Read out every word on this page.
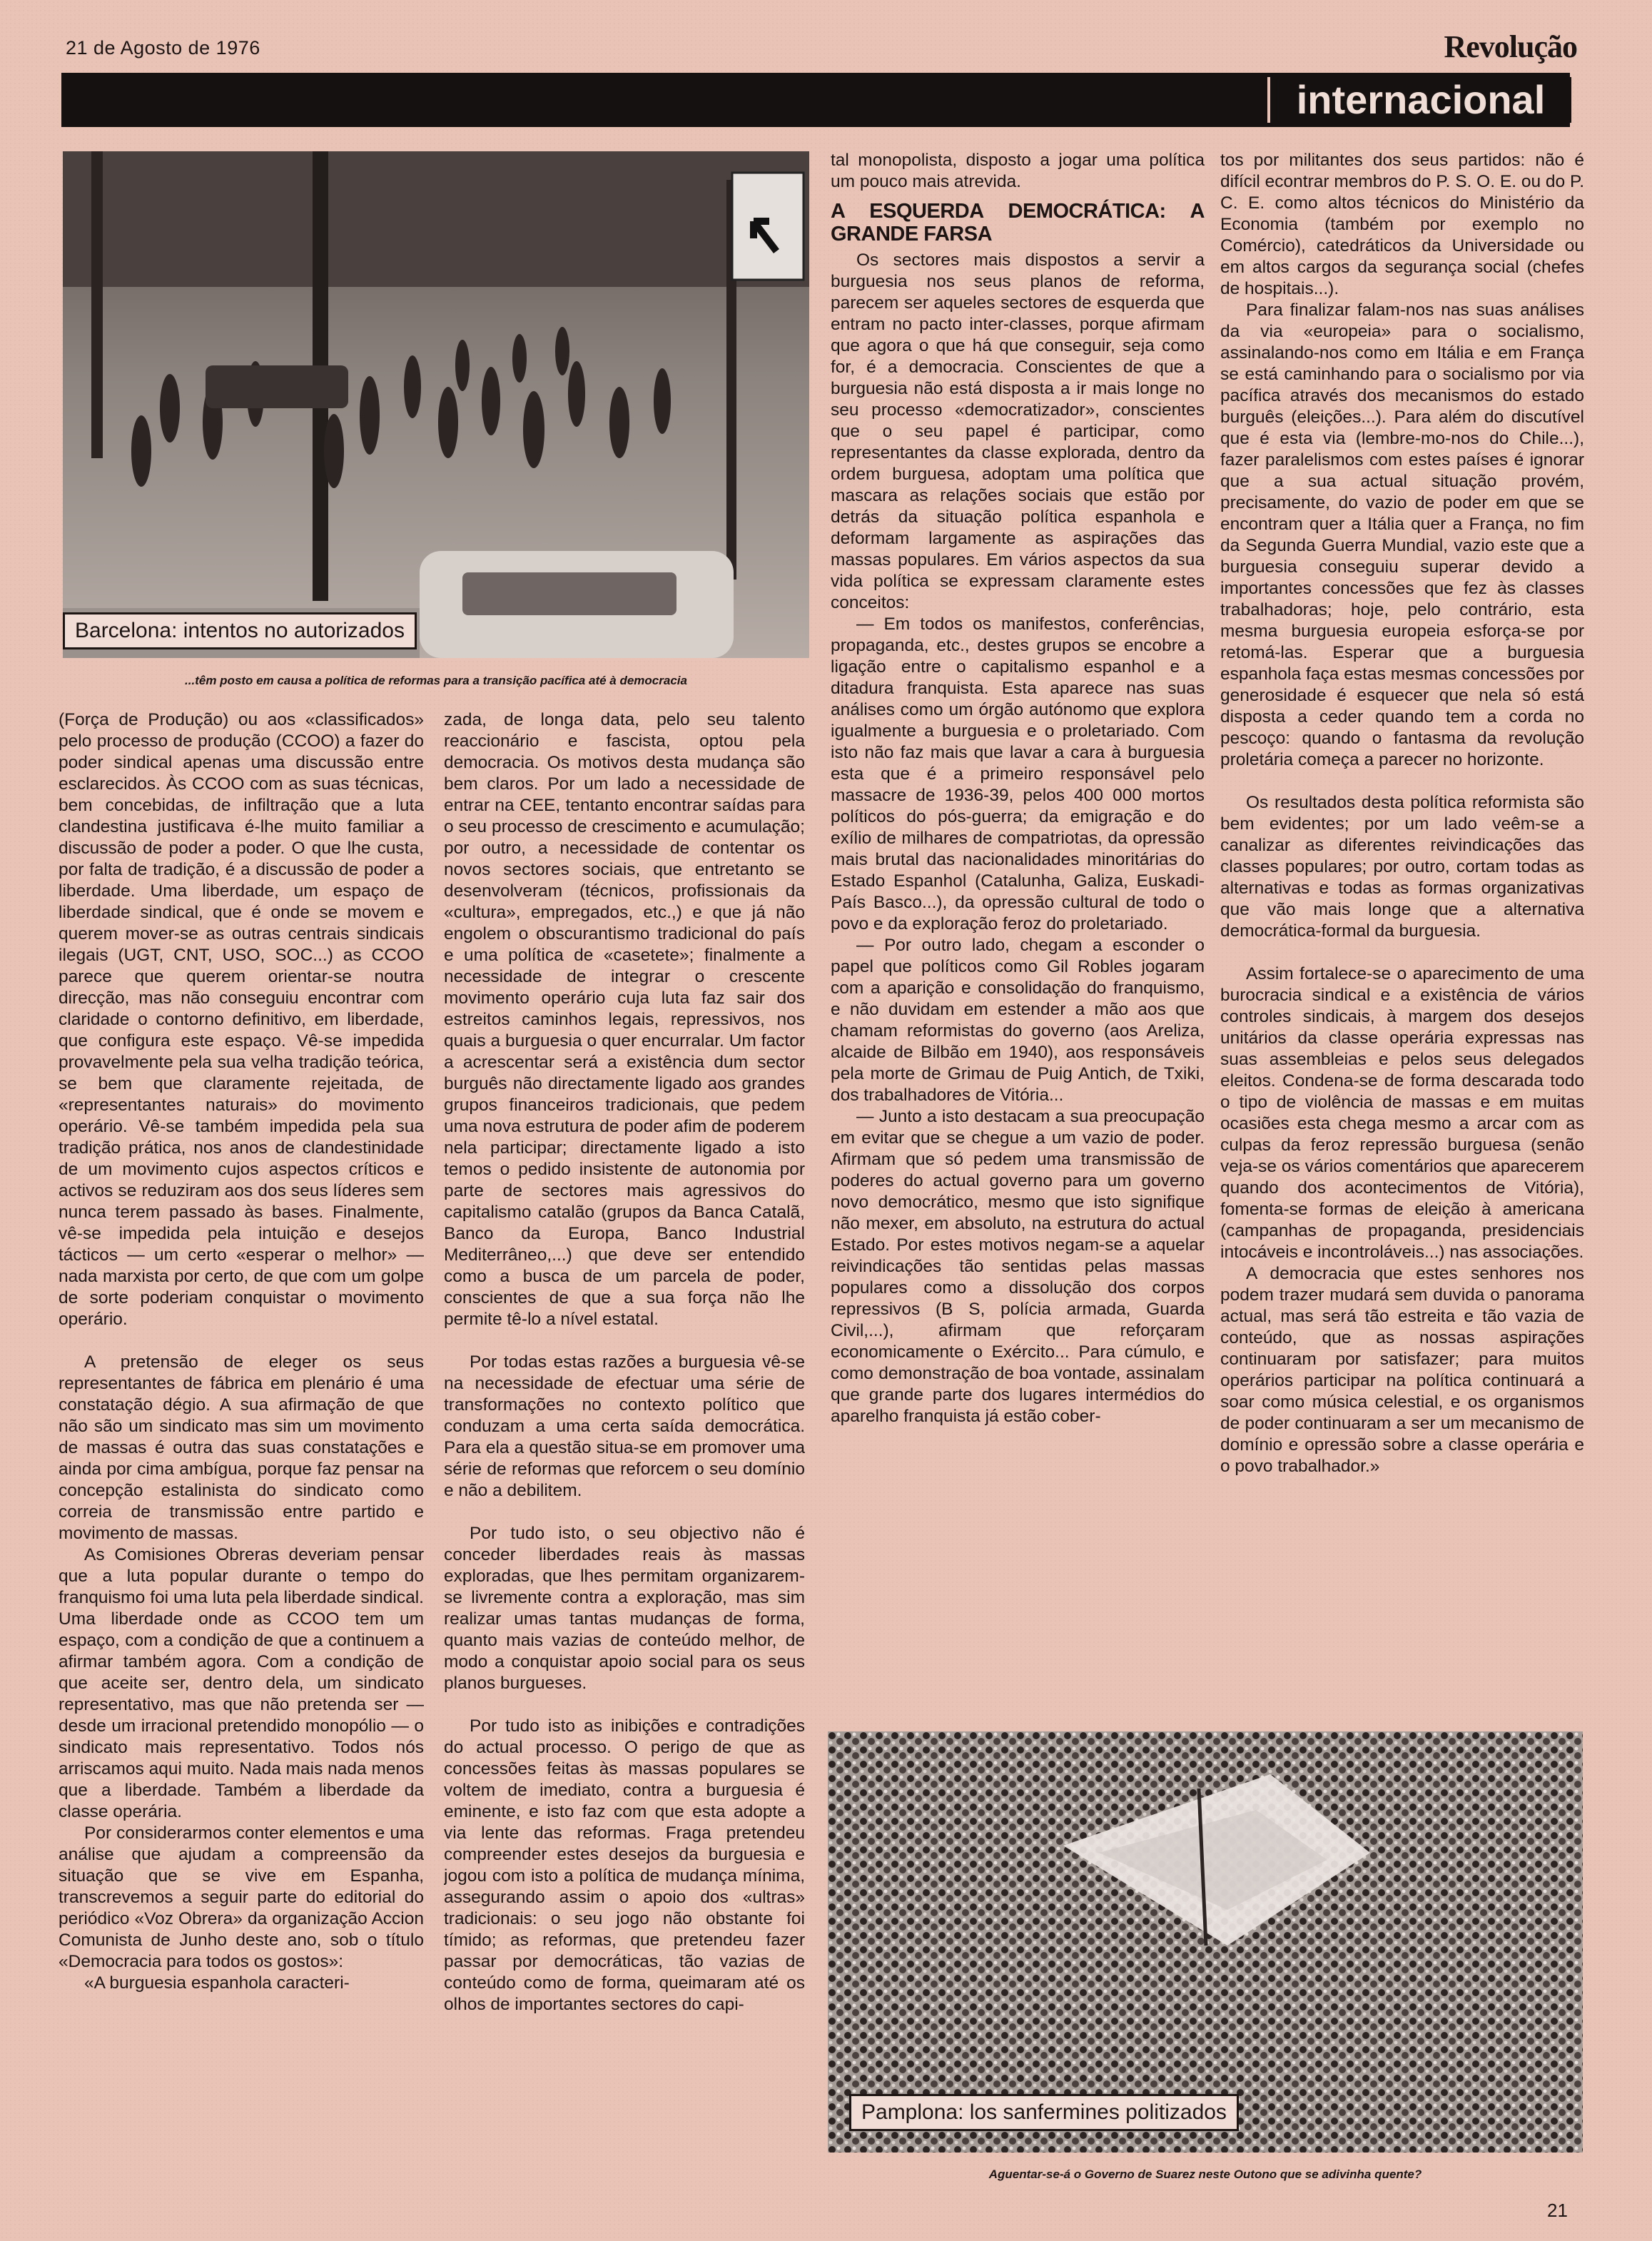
21 de Agosto de 1976	Revolução
internacional
Barcelona: intentos no autorizados
...têm posto em causa a política de reformas para a transição pacífica até à democracia
Pamplona: los sanfermines politizados
Aguentar-se-á o Governo de Suarez neste Outono que se adivinha quente?

(Força de Produção) ou aos «classificados» pelo processo de produção (CCOO) a fazer do poder sindical apenas uma discussão entre esclarecidos. Às CCOO com as suas técnicas, bem concebidas, de infiltração que a luta clandestina justificava é-lhe muito familiar a discussão de poder a poder. O que lhe custa, por falta de tradição, é a discussão de poder a liberdade. Uma liberdade, um espaço de liberdade sindical, que é onde se movem e querem mover-se as outras centrais sindicais ilegais (UGT, CNT, USO, SOC...) as CCOO parece que querem orientar-se noutra direcção, mas não conseguiu encontrar com claridade o contorno definitivo, em liberdade, que configura este espaço. Vê-se impedida provavelmente pela sua velha tradição teórica, se bem que claramente rejeitada, de «representantes naturais» do movimento operário. Vê-se também impedida pela sua tradição prática, nos anos de clandestinidade de um movimento cujos aspectos críticos e activos se reduziram aos dos seus líderes sem nunca terem passado às bases. Finalmente, vê-se impedida pela intuição e desejos tácticos — um certo «esperar o melhor» — nada marxista por certo, de que com um golpe de sorte poderiam conquistar o movimento operário.

A pretensão de eleger os seus representantes de fábrica em plenário é uma constatação dégio. A sua afirmação de que não são um sindicato mas sim um movimento de massas é outra das suas constatações e ainda por cima ambígua, porque faz pensar na concepção estalinista do sindicato como correia de transmissão entre partido e movimento de massas.

As Comisiones Obreras deveriam pensar que a luta popular durante o tempo do franquismo foi uma luta pela liberdade sindical. Uma liberdade onde as CCOO tem um espaço, com a condição de que a continuem a afirmar também agora. Com a condição de que aceite ser, dentro dela, um sindicato representativo, mas que não pretenda ser — desde um irracional pretendido monopólio — o sindicato mais representativo. Todos nós arriscamos aqui muito. Nada mais nada menos que a liberdade. Também a liberdade da classe operária.

Por considerarmos conter elementos e uma análise que ajudam a compreensão da situação que se vive em Espanha, transcrevemos a seguir parte do editorial do periódico «Voz Obrera» da organização Accion Comunista de Junho deste ano, sob o título «Democracia para todos os gostos»:

«A burguesia espanhola caracteri-

zada, de longa data, pelo seu talento reaccionário e fascista, optou pela democracia. Os motivos desta mudança são bem claros. Por um lado a necessidade de entrar na CEE, tentanto encontrar saídas para o seu processo de crescimento e acumulação; por outro, a necessidade de contentar os novos sectores sociais, que entretanto se desenvolveram (técnicos, profissionais da «cultura», empregados, etc.,) e que já não engolem o obscurantismo tradicional do país e uma política de «casetete»; finalmente a necessidade de integrar o crescente movimento operário cuja luta faz sair dos estreitos caminhos legais, repressivos, nos quais a burguesia o quer encurralar. Um factor a acrescentar será a existência dum sector burguês não directamente ligado aos grandes grupos financeiros tradicionais, que pedem uma nova estrutura de poder afim de poderem nela participar; directamente ligado a isto temos o pedido insistente de autonomia por parte de sectores mais agressivos do capitalismo catalão (grupos da Banca Catalã, Banco da Europa, Banco Industrial Mediterrâneo,...) que deve ser entendido como a busca de um parcela de poder, conscientes de que a sua força não lhe permite tê-lo a nível estatal.

Por todas estas razões a burguesia vê-se na necessidade de efectuar uma série de transformações no contexto político que conduzam a uma certa saída democrática. Para ela a questão situa-se em promover uma série de reformas que reforcem o seu domínio e não a debilitem.

Por tudo isto, o seu objectivo não é conceder liberdades reais às massas exploradas, que lhes permitam organizarem-se livremente contra a exploração, mas sim realizar umas tantas mudanças de forma, quanto mais vazias de conteúdo melhor, de modo a conquistar apoio social para os seus planos burgueses.

Por tudo isto as inibições e contradições do actual processo. O perigo de que as concessões feitas às massas populares se voltem de imediato, contra a burguesia é eminente, e isto faz com que esta adopte a via lente das reformas. Fraga pretendeu compreender estes desejos da burguesia e jogou com isto a política de mudança mínima, assegurando assim o apoio dos «ultras» tradicionais: o seu jogo não obstante foi tímido; as reformas, que pretendeu fazer passar por democráticas, tão vazias de conteúdo como de forma, queimaram até os olhos de importantes sectores do capi-

tal monopolista, disposto a jogar uma política um pouco mais atrevida.

A ESQUERDA DEMOCRÁTICA: A GRANDE FARSA

Os sectores mais dispostos a servir a burguesia nos seus planos de reforma, parecem ser aqueles sectores de esquerda que entram no pacto inter-classes, porque afirmam que agora o que há que conseguir, seja como for, é a democracia. Conscientes de que a burguesia não está disposta a ir mais longe no seu processo «democratizador», conscientes que o seu papel é participar, como representantes da classe explorada, dentro da ordem burguesa, adoptam uma política que mascara as relações sociais que estão por detrás da situação política espanhola e deformam largamente as aspirações das massas populares. Em vários aspectos da sua vida política se expressam claramente estes conceitos:

— Em todos os manifestos, conferências, propaganda, etc., destes grupos se encobre a ligação entre o capitalismo espanhol e a ditadura franquista. Esta aparece nas suas análises como um órgão autónomo que explora igualmente a burguesia e o proletariado. Com isto não faz mais que lavar a cara à burguesia esta que é a primeiro responsável pelo massacre de 1936-39, pelos 400 000 mortos políticos do pós-guerra; da emigração e do exílio de milhares de compatriotas, da opressão mais brutal das nacionalidades minoritárias do Estado Espanhol (Catalunha, Galiza, Euskadi-País Basco...), da opressão cultural de todo o povo e da exploração feroz do proletariado.

— Por outro lado, chegam a esconder o papel que políticos como Gil Robles jogaram com a aparição e consolidação do franquismo, e não duvidam em estender a mão aos que chamam reformistas do governo (aos Areliza, alcaide de Bilbão em 1940), aos responsáveis pela morte de Grimau de Puig Antich, de Txiki, dos trabalhadores de Vitória...

— Junto a isto destacam a sua preocupação em evitar que se chegue a um vazio de poder. Afirmam que só pedem uma transmissão de poderes do actual governo para um governo novo democrático, mesmo que isto signifique não mexer, em absoluto, na estrutura do actual Estado. Por estes motivos negam-se a aquelar reivindicações tão sentidas pelas massas populares como a dissolução dos corpos repressivos (B S, polícia armada, Guarda Civil,...), afirmam que reforçaram economicamente o Exército... Para cúmulo, e como demonstração de boa vontade, assinalam que grande parte dos lugares intermédios do aparelho franquista já estão cober-

tos por militantes dos seus partidos: não é difícil econtrar membros do P. S. O. E. ou do P. C. E. como altos técnicos do Ministério da Economia (também por exemplo no Comércio), catedráticos da Universidade ou em altos cargos da segurança social (chefes de hospitais...).

Para finalizar falam-nos nas suas análises da via «europeia» para o socialismo, assinalando-nos como em Itália e em França se está caminhando para o socialismo por via pacífica através dos mecanismos do estado burguês (eleições...). Para além do discutível que é esta via (lembre-mo-nos do Chile...), fazer paralelismos com estes países é ignorar que a sua actual situação provém, precisamente, do vazio de poder em que se encontram quer a Itália quer a França, no fim da Segunda Guerra Mundial, vazio este que a burguesia conseguiu superar devido a importantes concessões que fez às classes trabalhadoras; hoje, pelo contrário, esta mesma burguesia europeia esforça-se por retomá-las. Esperar que a burguesia espanhola faça estas mesmas concessões por generosidade é esquecer que nela só está disposta a ceder quando tem a corda no pescoço: quando o fantasma da revolução proletária começa a parecer no horizonte.

Os resultados desta política reformista são bem evidentes; por um lado veêm-se a canalizar as diferentes reivindicações das classes populares; por outro, cortam todas as alternativas e todas as formas organizativas que vão mais longe que a alternativa democrática-formal da burguesia.

Assim fortalece-se o aparecimento de uma burocracia sindical e a existência de vários controles sindicais, à margem dos desejos unitários da classe operária expressas nas suas assembleias e pelos seus delegados eleitos. Condena-se de forma descarada todo o tipo de violência de massas e em muitas ocasiões esta chega mesmo a arcar com as culpas da feroz repressão burguesa (senão veja-se os vários comentários que aparecerem quando dos acontecimentos de Vitória), fomenta-se formas de eleição à americana (campanhas de propaganda, presidenciais intocáveis e incontroláveis...) nas associações.

A democracia que estes senhores nos podem trazer mudará sem duvida o panorama actual, mas será tão estreita e tão vazia de conteúdo, que as nossas aspirações continuaram por satisfazer; para muitos operários participar na política continuará a soar como música celestial, e os organismos de poder continuaram a ser um mecanismo de domínio e opressão sobre a classe operária e o povo trabalhador.»

21
